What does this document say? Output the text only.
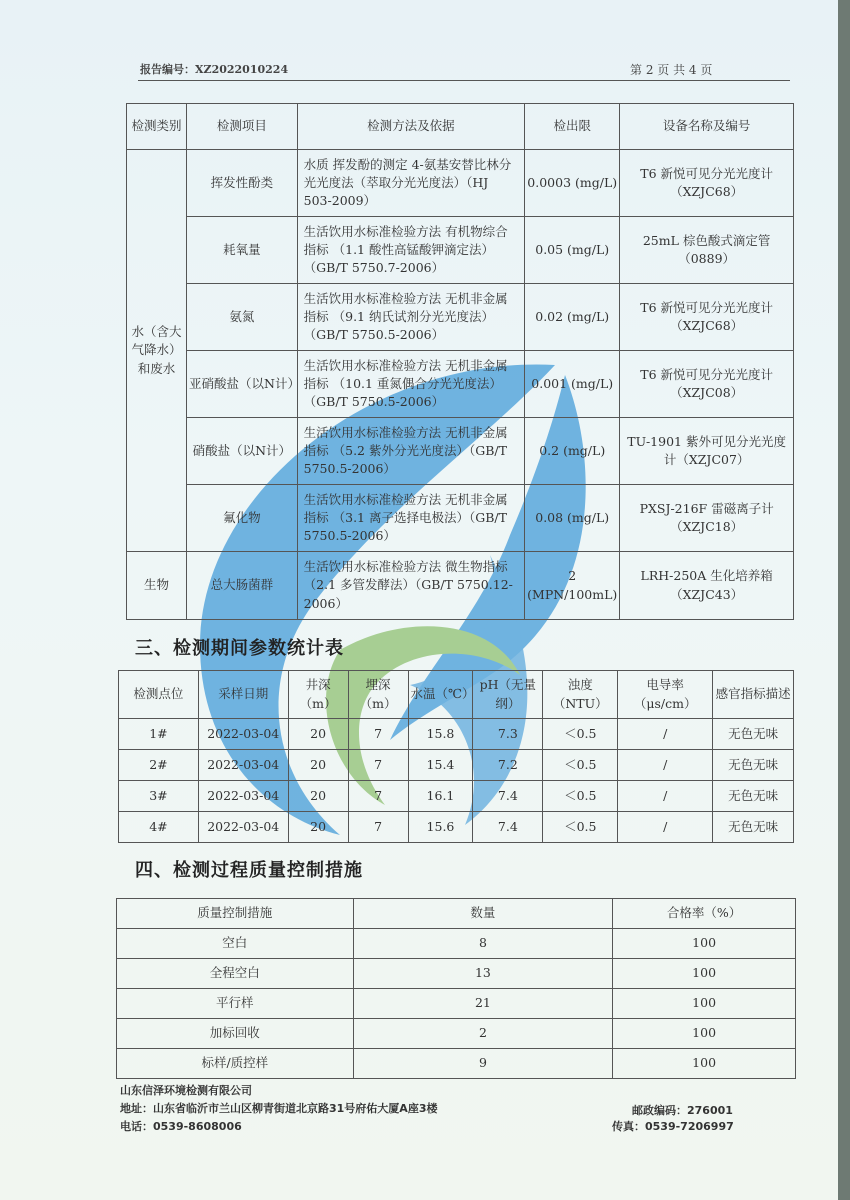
报告编号：XZ2022010224	第 2 页 共 4 页
检测类别	检测项目	检测方法及依据	检出限	设备名称及编号
水（含大气降水）和废水	挥发性酚类	水质 挥发酚的测定 4-氨基安替比林分光光度法（萃取分光光度法）（HJ 503-2009）	0.0003 (mg/L)	T6 新悦可见分光光度计（XZJC68）
	耗氧量	生活饮用水标准检验方法 有机物综合指标 （1.1 酸性高锰酸钾滴定法）（GB/T 5750.7-2006）	0.05 (mg/L)	25mL 棕色酸式滴定管（0889）
	氨氮	生活饮用水标准检验方法 无机非金属指标 （9.1 纳氏试剂分光光度法）（GB/T 5750.5-2006）	0.02 (mg/L)	T6 新悦可见分光光度计（XZJC68）
	亚硝酸盐（以N计）	生活饮用水标准检验方法 无机非金属指标 （10.1 重氮偶合分光光度法）（GB/T 5750.5-2006）	0.001 (mg/L)	T6 新悦可见分光光度计（XZJC08）
	硝酸盐（以N计）	生活饮用水标准检验方法 无机非金属指标 （5.2 紫外分光光度法）（GB/T 5750.5-2006）	0.2 (mg/L)	TU-1901 紫外可见分光光度计（XZJC07）
	氟化物	生活饮用水标准检验方法 无机非金属指标 （3.1 离子选择电极法）（GB/T 5750.5-2006）	0.08 (mg/L)	PXSJ-216F 雷磁离子计（XZJC18）
生物	总大肠菌群	生活饮用水标准检验方法 微生物指标 （2.1 多管发酵法）（GB/T 5750.12-2006）	2 (MPN/100mL)	LRH-250A 生化培养箱（XZJC43）
三、检测期间参数统计表
检测点位	采样日期	井深（m）	埋深（m）	水温（℃）	pH（无量纲）	浊度（NTU）	电导率（μs/cm）	感官指标描述
1#	2022-03-04	20	7	15.8	7.3	＜0.5	/	无色无味
2#	2022-03-04	20	7	15.4	7.2	＜0.5	/	无色无味
3#	2022-03-04	20	7	16.1	7.4	＜0.5	/	无色无味
4#	2022-03-04	20	7	15.6	7.4	＜0.5	/	无色无味
四、检测过程质量控制措施
质量控制措施	数量	合格率（%）
空白	8	100
全程空白	13	100
平行样	21	100
加标回收	2	100
标样/质控样	9	100
山东信泽环境检测有限公司
地址：山东省临沂市兰山区柳青街道北京路31号府佑大厦A座3楼
电话：0539-8608006
邮政编码：276001
传真：0539-7206997
